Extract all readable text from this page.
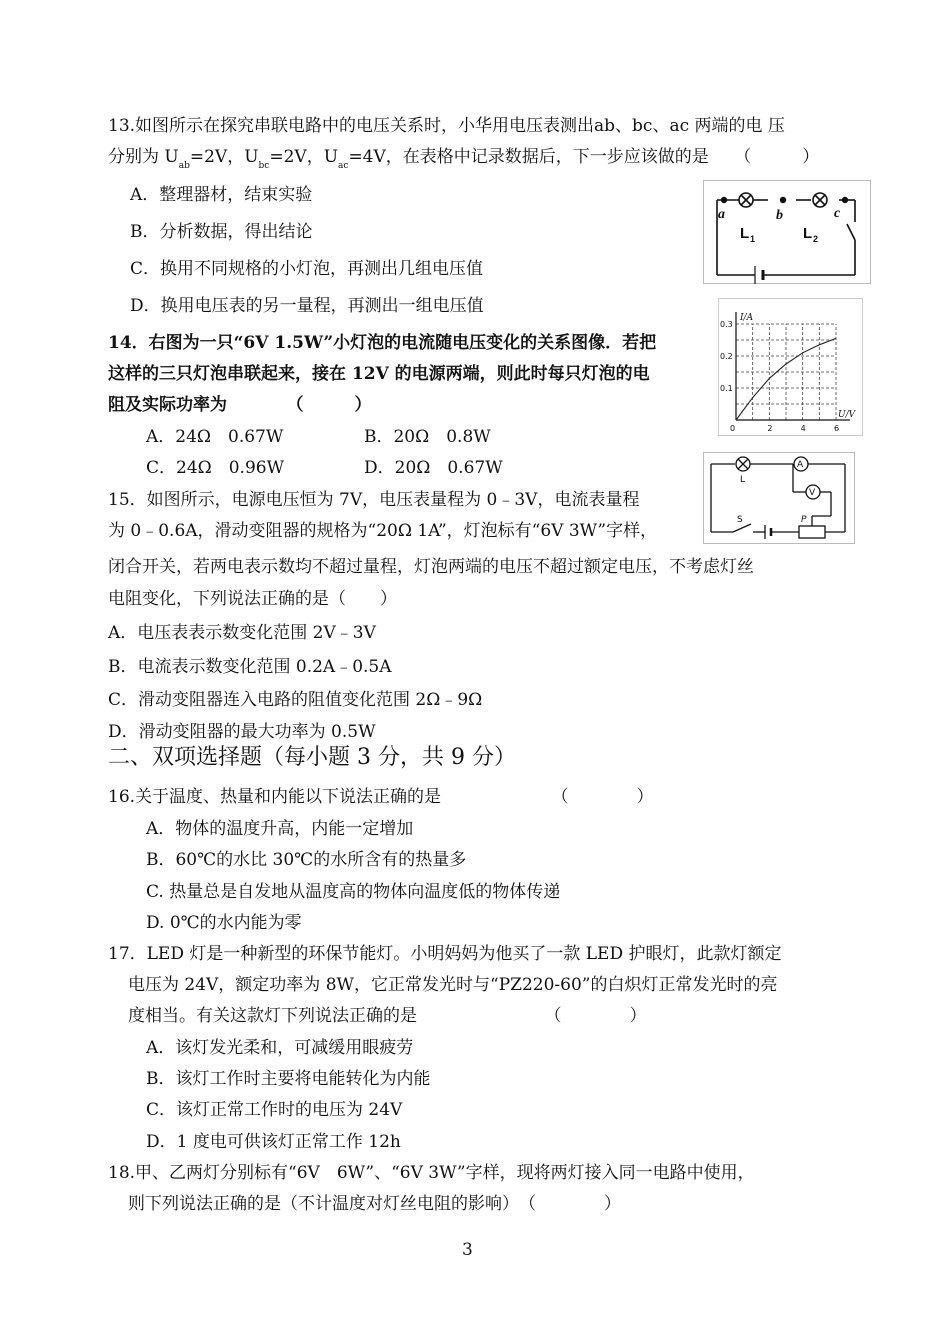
13.如图所示在探究串联电路中的电压关系时，小华用电压表测出ab、bc、ac 两端的电 压
分别为 $U_{ab}=2V$，$U_{bc}=2V$，$U_{ac}=4V$，在表格中记录数据后，下一步应该做的是　　（　　　）
A．整理器材，结束实验
B．分析数据，得出结论
C．换用不同规格的小灯泡，再测出几组电压值
D．换用电压表的另一量程，再测出一组电压值
a	b	c
L 1	L 2
14．右图为一只“6V 1.5W”小灯泡的电流随电压变化的关系图像．若把
这样的三只灯泡串联起来，接在 12V 的电源两端，则此时每只灯泡的电
阻及实际功率为　　　　（　　　）
A．24Ω　0.67W	B．20Ω　0.8W
C．24Ω　0.96W	D．20Ω　0.67W
0	2	4	6
0.1
0.2
0.3
I/A
U/V
15．如图所示，电源电压恒为 7V，电压表量程为 0﹣3V，电流表量程
为 0﹣0.6A，滑动变阻器的规格为“20Ω 1A”，灯泡标有“6V 3W”字样，
闭合开关，若两电表示数均不超过量程，灯泡两端的电压不超过额定电压，不考虑灯丝
电阻变化，下列说法正确的是（　　）
A．电压表表示数变化范围 2V﹣3V
B．电流表示数变化范围 0.2A﹣0.5A
C．滑动变阻器连入电路的阻值变化范围 2Ω﹣9Ω
D．滑动变阻器的最大功率为 0.5W
L
A
V
S	P
二、双项选择题（每小题 3 分，共 9 分）
16.关于温度、热量和内能以下说法正确的是　　　　　　　（　　　　）
A．物体的温度升高，内能一定增加
B．60℃的水比 30℃的水所含有的热量多
C. 热量总是自发地从温度高的物体向温度低的物体传递
D. 0℃的水内能为零
17．LED 灯是一种新型的环保节能灯。小明妈妈为他买了一款 LED 护眼灯，此款灯额定
电压为 24V，额定功率为 8W，它正常发光时与“PZ220-60”的白炽灯正常发光时的亮
度相当。有关这款灯下列说法正确的是　　　　　　　　（　　　　）
A．该灯发光柔和，可减缓用眼疲劳
B．该灯工作时主要将电能转化为内能
C．该灯正常工作时的电压为 24V
D．1 度电可供该灯正常工作 12h
18.甲、乙两灯分别标有“6V　6W”、“6V 3W”字样，现将两灯接入同一电路中使用，
则下列说法正确的是（不计温度对灯丝电阻的影响）　（　　　　）
3
